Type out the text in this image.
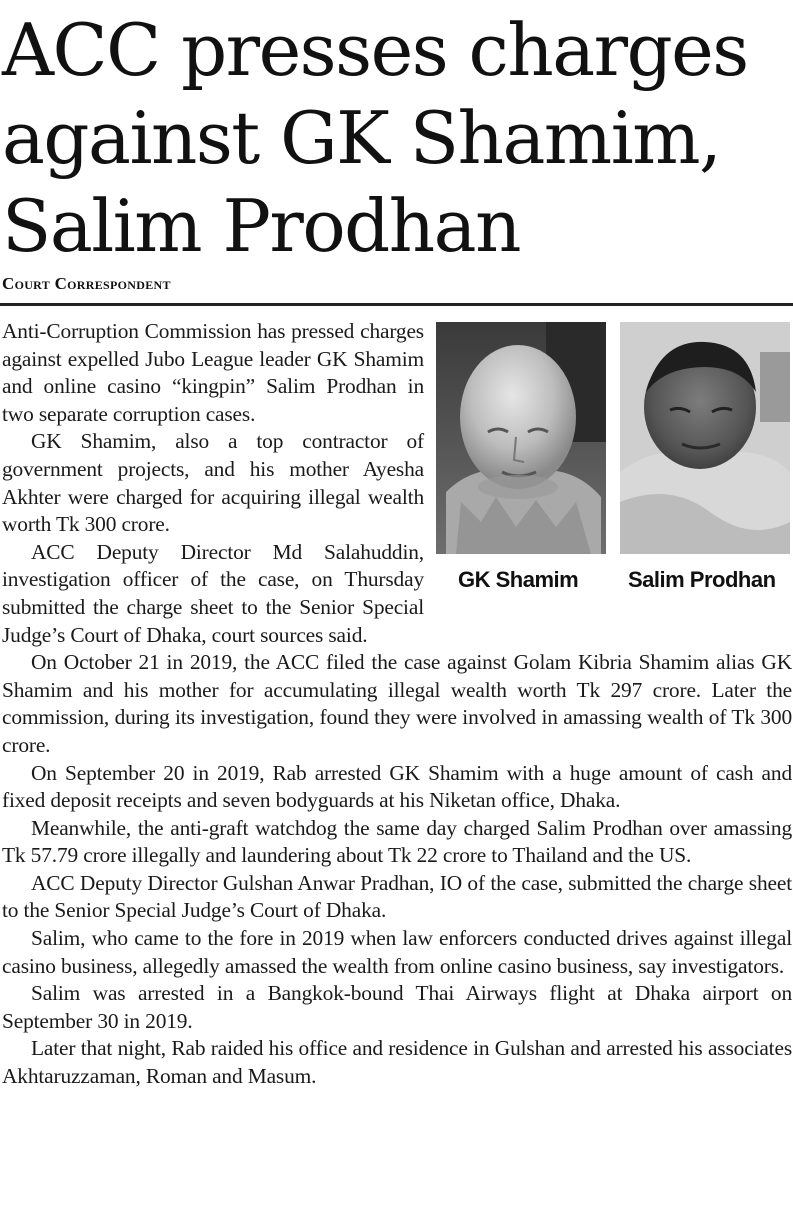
ACC presses charges against GK Shamim, Salim Prodhan
Court Correspondent
GK Shamim Salim Prodhan

Anti-Corruption Commission has pressed charges against expelled Jubo League leader GK Shamim and online casino “kingpin” Salim Prodhan in two separate corruption cases.

GK Shamim, also a top contractor of government projects, and his mother Ayesha Akhter were charged for acquiring illegal wealth worth Tk 300 crore.

ACC Deputy Director Md Salahuddin, investigation officer of the case, on Thursday submitted the charge sheet to the Senior Special Judge’s Court of Dhaka, court sources said.

On October 21 in 2019, the ACC filed the case against Golam Kibria Shamim alias GK Shamim and his mother for accumulating illegal wealth worth Tk 297 crore. Later the commission, during its investigation, found they were involved in amassing wealth of Tk 300 crore.

On September 20 in 2019, Rab arrested GK Shamim with a huge amount of cash and fixed deposit receipts and seven bodyguards at his Niketan office, Dhaka.

Meanwhile, the anti-graft watchdog the same day charged Salim Prodhan over amassing Tk 57.79 crore illegally and laundering about Tk 22 crore to Thailand and the US.

ACC Deputy Director Gulshan Anwar Pradhan, IO of the case, submitted the charge sheet to the Senior Special Judge’s Court of Dhaka.

Salim, who came to the fore in 2019 when law enforcers conducted drives against illegal casino business, allegedly amassed the wealth from online casino business, say investigators.

Salim was arrested in a Bangkok-bound Thai Airways flight at Dhaka airport on September 30 in 2019.

Later that night, Rab raided his office and residence in Gulshan and arrested his associates Akhtaruzzaman, Roman and Masum.
